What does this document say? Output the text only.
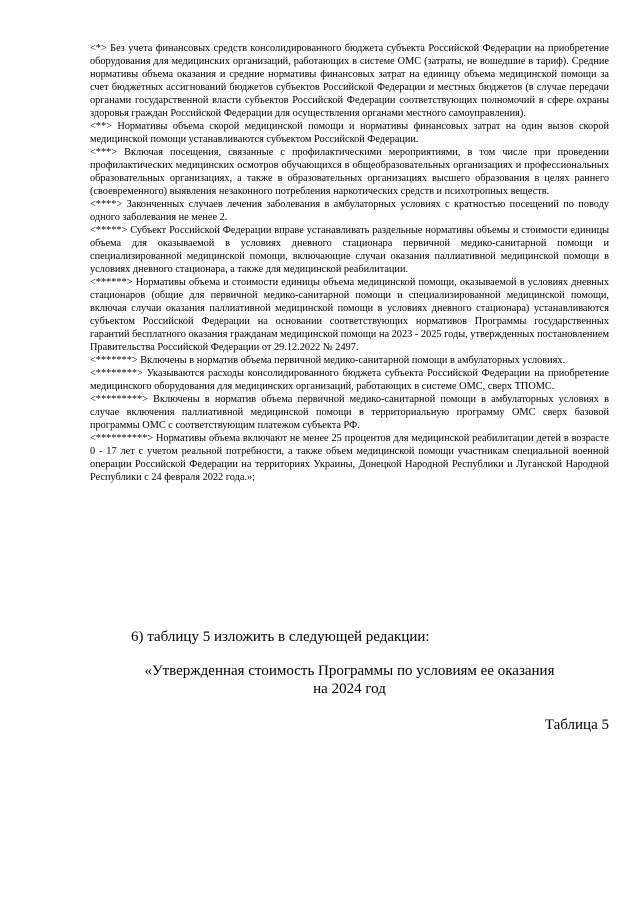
<*> Без учета финансовых средств консолидированного бюджета субъекта Российской Федерации на приобретение оборудования для медицинских организаций, работающих в системе ОМС (затраты, не вошедшие в тариф). Средние нормативы объема оказания и средние нормативы финансовых затрат на единицу объема медицинской помощи за счет бюджетных ассигнований бюджетов субъектов Российской Федерации и местных бюджетов (в случае передачи органами государственной власти субъектов Российской Федерации соответствующих полномочий в сфере охраны здоровья граждан Российской Федерации для осуществления органами местного самоуправления).

<**> Нормативы объема скорой медицинской помощи и нормативы финансовых затрат на один вызов скорой медицинской помощи устанавливаются субъектом Российской Федерации.

<***> Включая посещения, связанные с профилактическими мероприятиями, в том числе при проведении профилактических медицинских осмотров обучающихся в общеобразовательных организациях и профессиональных образовательных организациях, а также в образовательных организациях высшего образования в целях раннего (своевременного) выявления незаконного потребления наркотических средств и психотропных веществ.

<****> Законченных случаев лечения заболевания в амбулаторных условиях с кратностью посещений по поводу одного заболевания не менее 2.

<*****> Субъект Российской Федерации вправе устанавливать раздельные нормативы объемы и стоимости единицы объема для оказываемой в условиях дневного стационара первичной медико-санитарной помощи и специализированной медицинской помощи, включающие случаи оказания паллиативной медицинской помощи в условиях дневного стационара, а также для медицинской реабилитации.

<******> Нормативы объема и стоимости единицы объема медицинской помощи, оказываемой в условиях дневных стационаров (общие для первичной медико-санитарной помощи и специализированной медицинской помощи, включая случаи оказания паллиативной медицинской помощи в условиях дневного стационара) устанавливаются субъектом Российской Федерации на основании соответствующих нормативов Программы государственных гарантий бесплатного оказания гражданам медицинской помощи на 2023 - 2025 годы, утвержденных постановлением Правительства Российской Федерации от 29.12.2022 № 2497.

<*******> Включены в норматив объема первичной медико-санитарной помощи в амбулаторных условиях.

<********> Указываются расходы консолидированного бюджета субъекта Российской Федерации на приобретение медицинского оборудования для медицинских организаций, работающих в системе ОМС, сверх ТПОМС.

<*********> Включены в норматив объема первичной медико-санитарной помощи в амбулаторных условиях в случае включения паллиативной медицинской помощи в территориальную программу ОМС сверх базовой программы ОМС с соответствующим платежом субъекта РФ.

<**********> Нормативы объема включают не менее 25 процентов для медицинской реабилитации детей в возрасте 0 - 17 лет с учетом реальной потребности, а также объем медицинской помощи участникам специальной военной операции Российской Федерации на территориях Украины, Донецкой Народной Республики и Луганской Народной Республики с 24 февраля 2022 года.»;

6) таблицу 5 изложить в следующей редакции:
«Утвержденная стоимость Программы по условиям ее оказания
на 2024 год
Таблица 5
